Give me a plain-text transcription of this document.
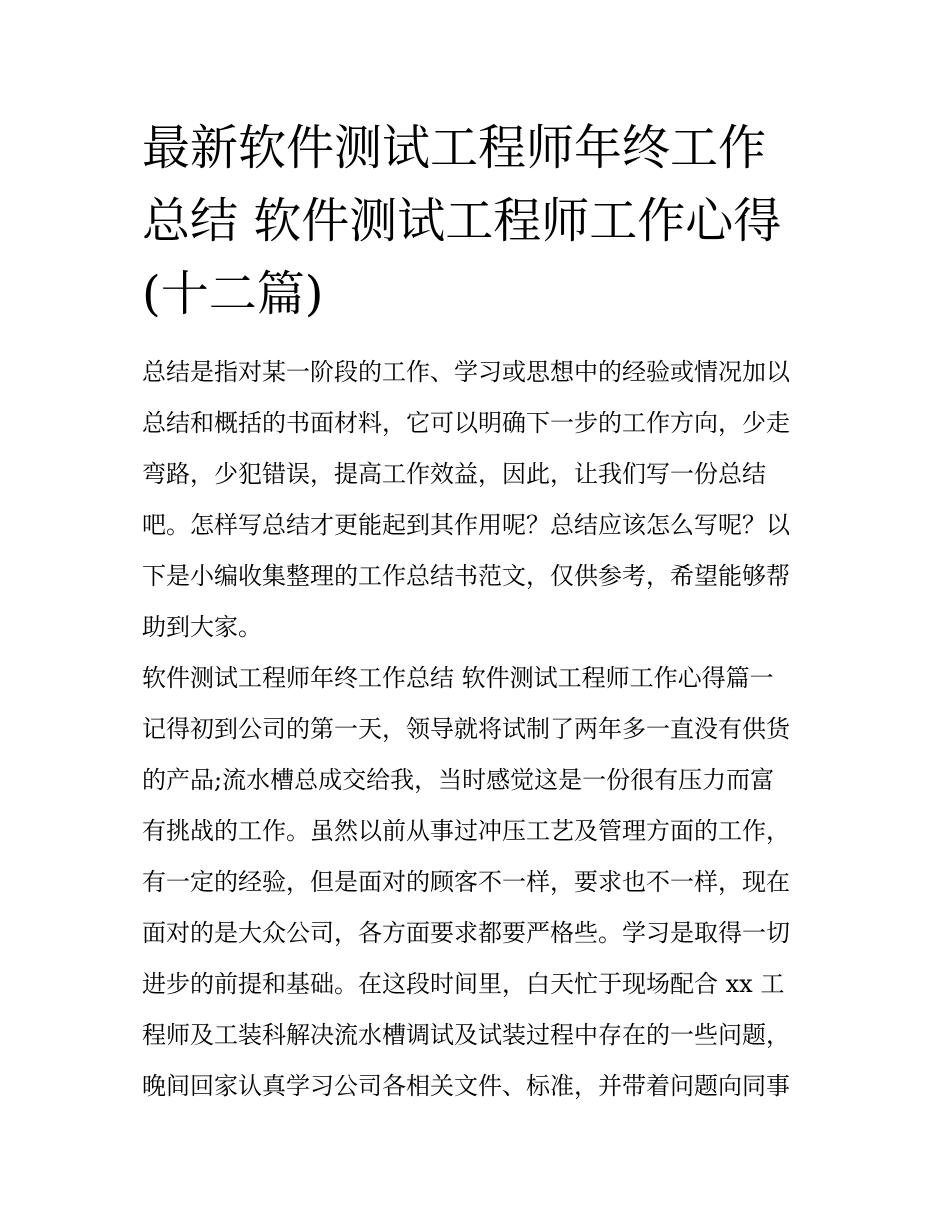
最新软件测试工程师年终工作
总结 软件测试工程师工作心得
(十二篇)
总结是指对某一阶段的工作、学习或思想中的经验或情况加以
总结和概括的书面材料，它可以明确下一步的工作方向，少走
弯路，少犯错误，提高工作效益，因此，让我们写一份总结
吧。怎样写总结才更能起到其作用呢？总结应该怎么写呢？以
下是小编收集整理的工作总结书范文，仅供参考，希望能够帮
助到大家。
软件测试工程师年终工作总结 软件测试工程师工作心得篇一
记得初到公司的第一天，领导就将试制了两年多一直没有供货
的产品;流水槽总成交给我，当时感觉这是一份很有压力而富
有挑战的工作。虽然以前从事过冲压工艺及管理方面的工作，
有一定的经验，但是面对的顾客不一样，要求也不一样，现在
面对的是大众公司，各方面要求都要严格些。学习是取得一切
进步的前提和基础。在这段时间里，白天忙于现场配合 xx 工
程师及工装科解决流水槽调试及试装过程中存在的一些问题，
晚间回家认真学习公司各相关文件、标准，并带着问题向同事
